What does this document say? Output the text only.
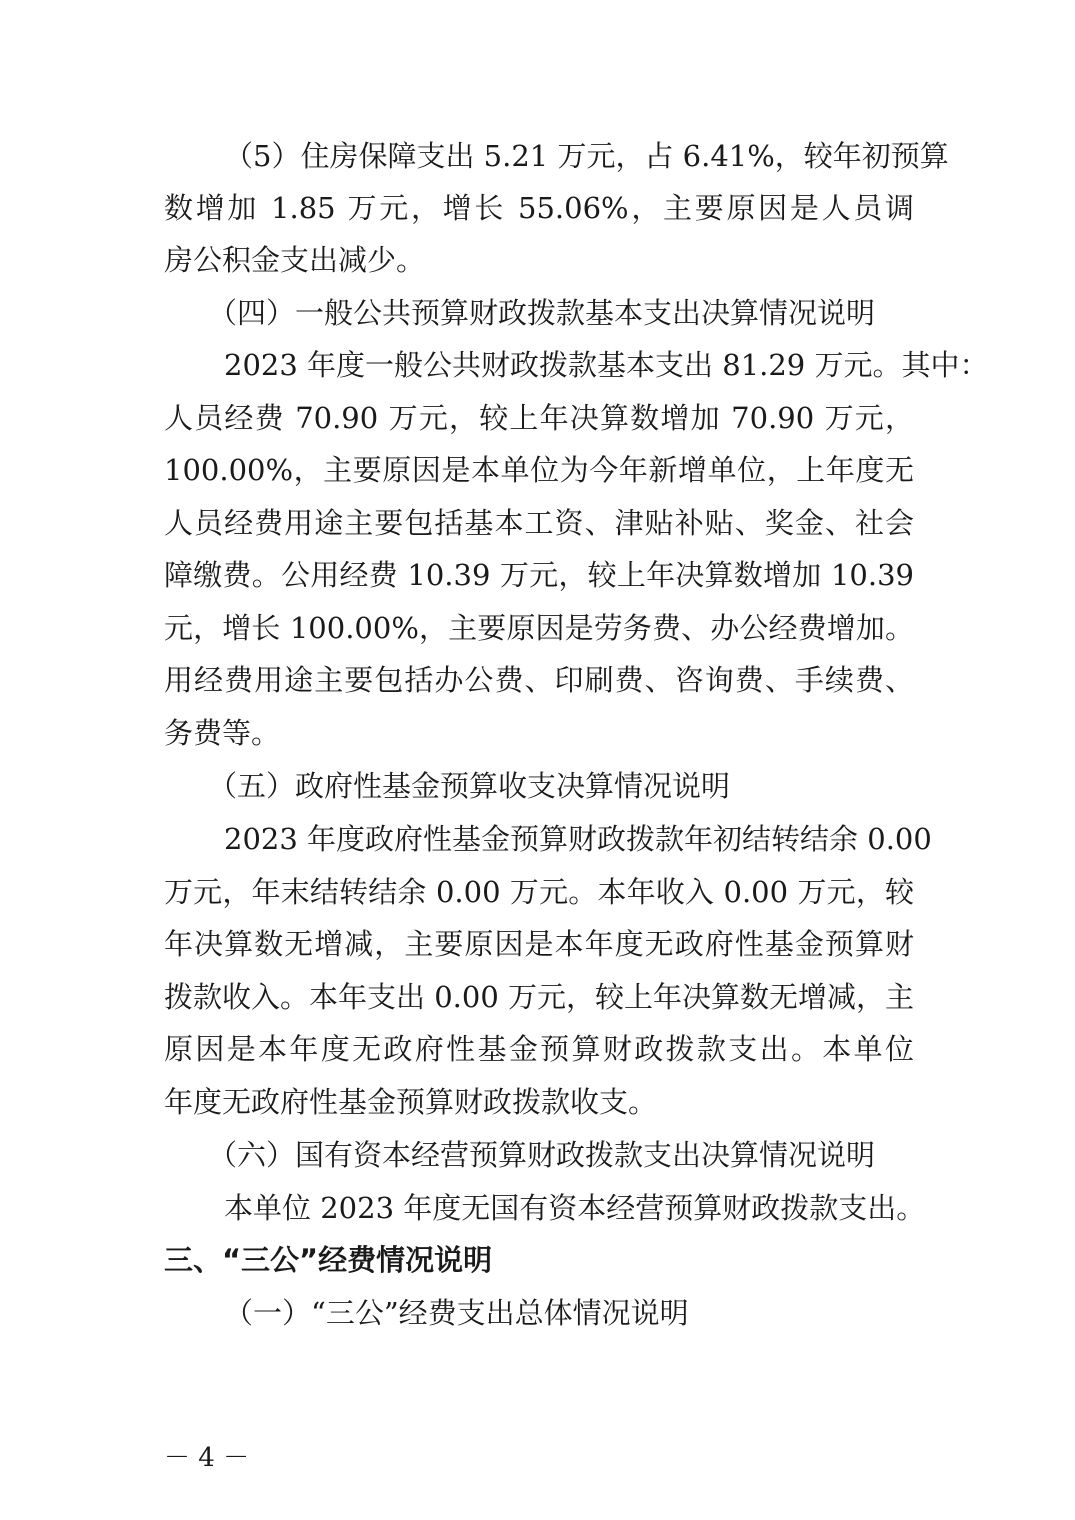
（5）住房保障支出 5.21 万元，占 6.41%，较年初预算
数增加 1.85 万元，增长 55.06%，主要原因是人员调
房公积金支出减少。
（四）一般公共预算财政拨款基本支出决算情况说明
2023 年度一般公共财政拨款基本支出 81.29 万元。其中：
人员经费 70.90 万元，较上年决算数增加 70.90 万元，
100.00%，主要原因是本单位为今年新增单位，上年度无
人员经费用途主要包括基本工资、津贴补贴、奖金、社会
障缴费。公用经费 10.39 万元，较上年决算数增加 10.39
元，增长 100.00%，主要原因是劳务费、办公经费增加。
用经费用途主要包括办公费、印刷费、咨询费、手续费、
务费等。
（五）政府性基金预算收支决算情况说明
2023 年度政府性基金预算财政拨款年初结转结余 0.00
万元，年末结转结余 0.00 万元。本年收入 0.00 万元，较
年决算数无增减，主要原因是本年度无政府性基金预算财
拨款收入。本年支出 0.00 万元，较上年决算数无增减，主
原因是本年度无政府性基金预算财政拨款支出。本单位
年度无政府性基金预算财政拨款收支。
（六）国有资本经营预算财政拨款支出决算情况说明
本单位 2023 年度无国有资本经营预算财政拨款支出。
三、“三公”经费情况说明
（一）“三公”经费支出总体情况说明
－ 4 －
